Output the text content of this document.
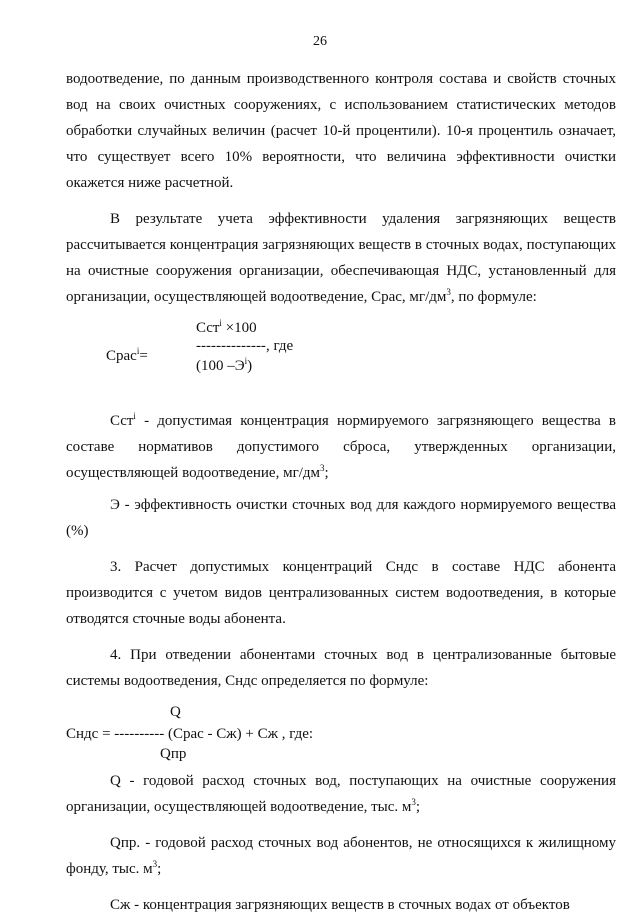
26

водоотведение, по данным производственного контроля состава и свойств сточных вод на своих очистных сооружениях, с использованием статистических методов обработки случайных величин (расчет 10-й процентили). 10-я процентиль означает, что существует всего 10% вероятности, что величина эффективности очистки окажется ниже расчетной.

В результате учета эффективности удаления загрязняющих веществ рассчитывается концентрация загрязняющих веществ в сточных водах, поступающих на очистные сооружения организации, обеспечивающая НДС, установленный для организации, осуществляющей водоотведение, Срас, $мг/дм^3$, по формуле:

Срас$^i$=
Сст$^i$ ×100
--------------, где
(100 $-Э^i$)

Сст$^i$ - допустимая концентрация нормируемого загрязняющего вещества в составе нормативов допустимого сброса, утвержденных организации, осуществляющей водоотведение, $мг/дм^3$;

Э - эффективность очистки сточных вод для каждого нормируемого вещества (%)

3. Расчет допустимых концентраций Сндс в составе НДС абонента производится с учетом видов централизованных систем водоотведения, в которые отводятся сточные воды абонента.

4. При отведении абонентами сточных вод в централизованные бытовые системы водоотведения, Сндс определяется по формуле:

Q
Сндс = ---------- (Срас - Сж) + Сж , где:
Qпр

Q - годовой расход сточных вод, поступающих на очистные сооружения организации, осуществляющей водоотведение, тыс. $м^3$;

Qпр. - годовой расход сточных вод абонентов, не относящихся к жилищному фонду, тыс. $м^3$;

Сж - концентрация загрязняющих веществ в сточных водах от объектов
